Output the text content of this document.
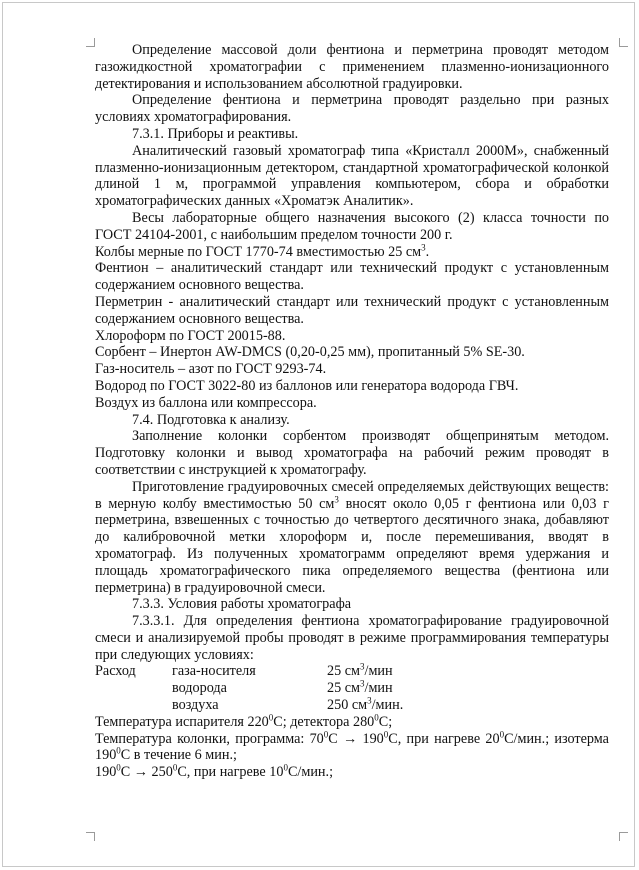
Определение массовой доли фентиона и перметрина проводят методом газожидкостной хроматографии с применением плазменно-ионизационного детектирования и использованием абсолютной градуировки.

Определение фентиона и перметрина проводят раздельно при разных условиях хроматографирования.

7.3.1. Приборы и реактивы.

Аналитический газовый хроматограф типа «Кристалл 2000М», снабженный плазменно-ионизационным детектором, стандартной хроматографической колонкой длиной 1 м, программой управления компьютером, сбора и обработки хроматографических данных «Хроматэк Аналитик».

Весы лабораторные общего назначения высокого (2) класса точности по ГОСТ 24104-2001, с наибольшим пределом точности 200 г.

Колбы мерные по ГОСТ 1770-74 вместимостью 25 $см^3$.

Фентион – аналитический стандарт или технический продукт с установленным содержанием основного вещества.

Перметрин - аналитический стандарт или технический продукт с установленным содержанием основного вещества.

Хлороформ по ГОСТ 20015-88.

Сорбент – Инертон AW-DMCS (0,20-0,25 мм), пропитанный 5% SE-30.

Газ-носитель – азот по ГОСТ 9293-74.

Водород по ГОСТ 3022-80 из баллонов или генератора водорода ГВЧ.

Воздух из баллона или компрессора.

7.4. Подготовка к анализу.

Заполнение колонки сорбентом производят общепринятым методом. Подготовку колонки и вывод хроматографа на рабочий режим проводят в соответствии с инструкцией к хроматографу.

Приготовление градуировочных смесей определяемых действующих веществ: в мерную колбу вместимостью 50 $см^3$ вносят около 0,05 г фентиона или 0,03 г перметрина, взвешенных с точностью до четвертого десятичного знака, добавляют до калибровочной метки хлороформ и, после перемешивания, вводят в хроматограф. Из полученных хроматограмм определяют время удержания и площадь хроматографического пика определяемого вещества (фентиона или перметрина) в градуировочной смеси.

7.3.3. Условия работы хроматографа

7.3.3.1. Для определения фентиона хроматографирование градуировочной смеси и анализируемой пробы проводят в режиме программирования температуры при следующих условиях:

Расход	газа-носителя	25 $см^3$/мин
	водорода	25 $см^3$/мин
	воздуха	250 $см^3$/мин.

Температура испарителя $220^0С$; детектора $280^0С$;

Температура колонки, программа: $70^0С \to 190^0С$, при нагреве $20^0С$/мин.; изотерма $190^0С$ в течение 6 мин.;

$190^0С \to 250^0С$, при нагреве $10^0С$/мин.;
